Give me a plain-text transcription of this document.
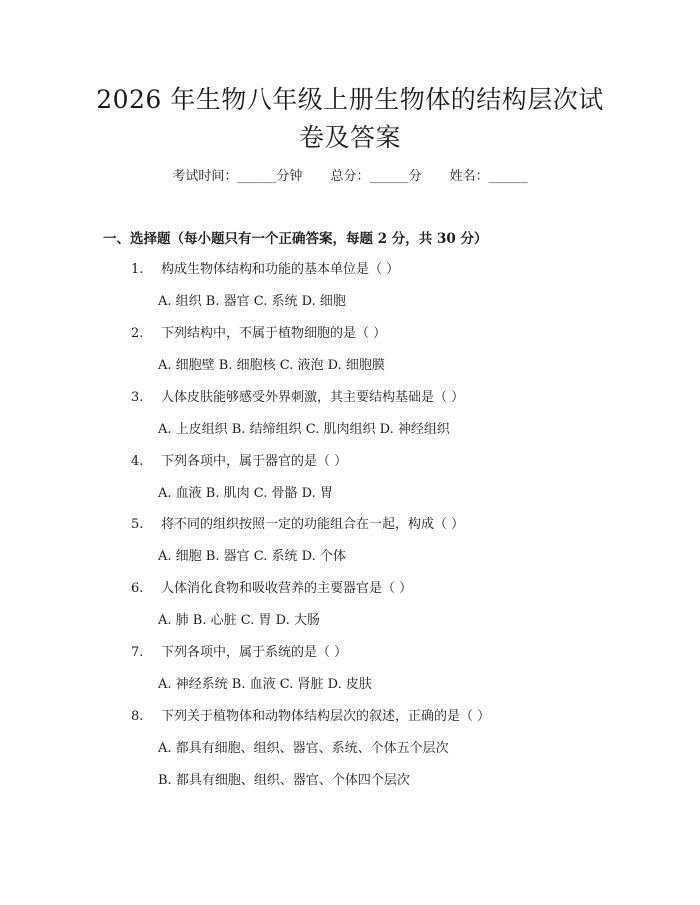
2026 年生物八年级上册生物体的结构层次试
卷及答案
考试时间：______分钟 总分：______分 姓名：______
一、选择题（每小题只有一个正确答案，每题 2 分，共 30 分）
1.	构成生物体结构和功能的基本单位是（ ）
A. 组织 B. 器官 C. 系统 D. 细胞
2.	下列结构中，不属于植物细胞的是（ ）
A. 细胞壁 B. 细胞核 C. 液泡 D. 细胞膜
3.	人体皮肤能够感受外界刺激，其主要结构基础是（ ）
A. 上皮组织 B. 结缔组织 C. 肌肉组织 D. 神经组织
4.	下列各项中，属于器官的是（ ）
A. 血液 B. 肌肉 C. 骨骼 D. 胃
5.	将不同的组织按照一定的功能组合在一起，构成（ ）
A. 细胞 B. 器官 C. 系统 D. 个体
6.	人体消化食物和吸收营养的主要器官是（ ）
A. 肺 B. 心脏 C. 胃 D. 大肠
7.	下列各项中，属于系统的是（ ）
A. 神经系统 B. 血液 C. 肾脏 D. 皮肤
8.	下列关于植物体和动物体结构层次的叙述，正确的是（ ）
A. 都具有细胞、组织、器官、系统、个体五个层次
B. 都具有细胞、组织、器官、个体四个层次
